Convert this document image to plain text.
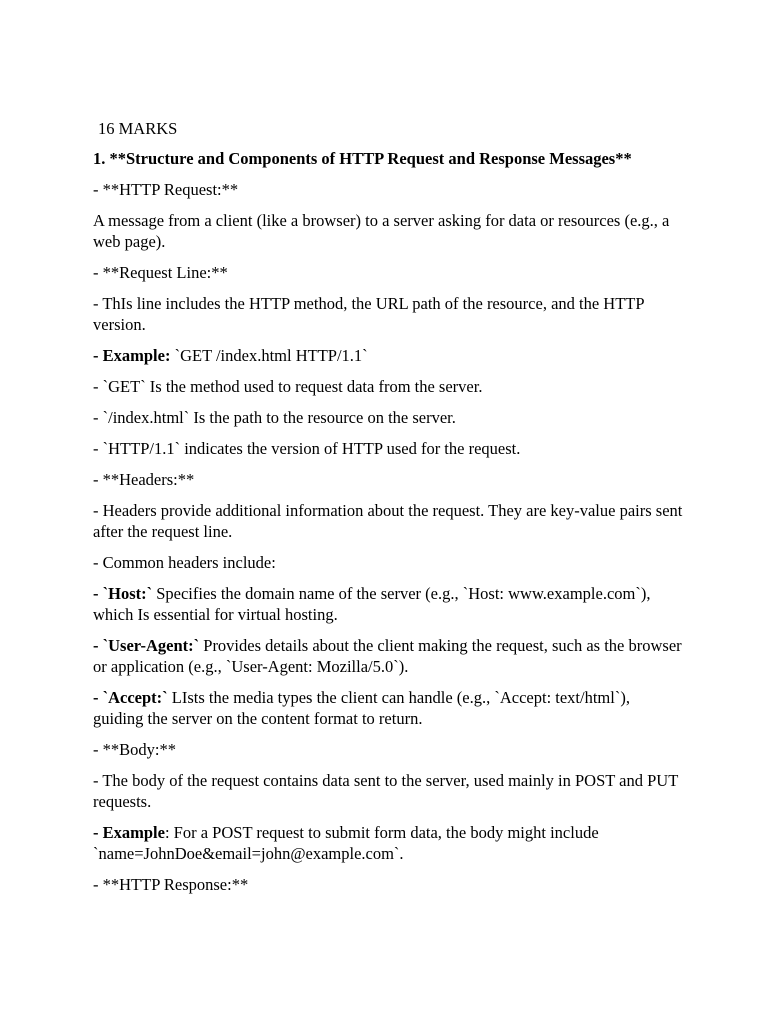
16 MARKS
1. **Structure and Components of HTTP Request and Response Messages**
- **HTTP Request:**
A message from a client (like a browser) to a server asking for data or resources (e.g., a web page).
- **Request Line:**
- ThIs line includes the HTTP method, the URL path of the resource, and the HTTP version.
- Example: `GET /index.html HTTP/1.1`
- `GET` Is the method used to request data from the server.
- `/index.html` Is the path to the resource on the server.
- `HTTP/1.1` indicates the version of HTTP used for the request.
- **Headers:**
- Headers provide additional information about the request. They are key-value pairs sent after the request line.
- Common headers include:
- `Host:` Specifies the domain name of the server (e.g., `Host: www.example.com`), which Is essential for virtual hosting.
- `User-Agent:` Provides details about the client making the request, such as the browser or application (e.g., `User-Agent: Mozilla/5.0`).
- `Accept:` LIsts the media types the client can handle (e.g., `Accept: text/html`), guiding the server on the content format to return.
- **Body:**
- The body of the request contains data sent to the server, used mainly in POST and PUT requests.
- Example: For a POST request to submit form data, the body might include `name=JohnDoe&email=john@example.com`.
- **HTTP Response:**
